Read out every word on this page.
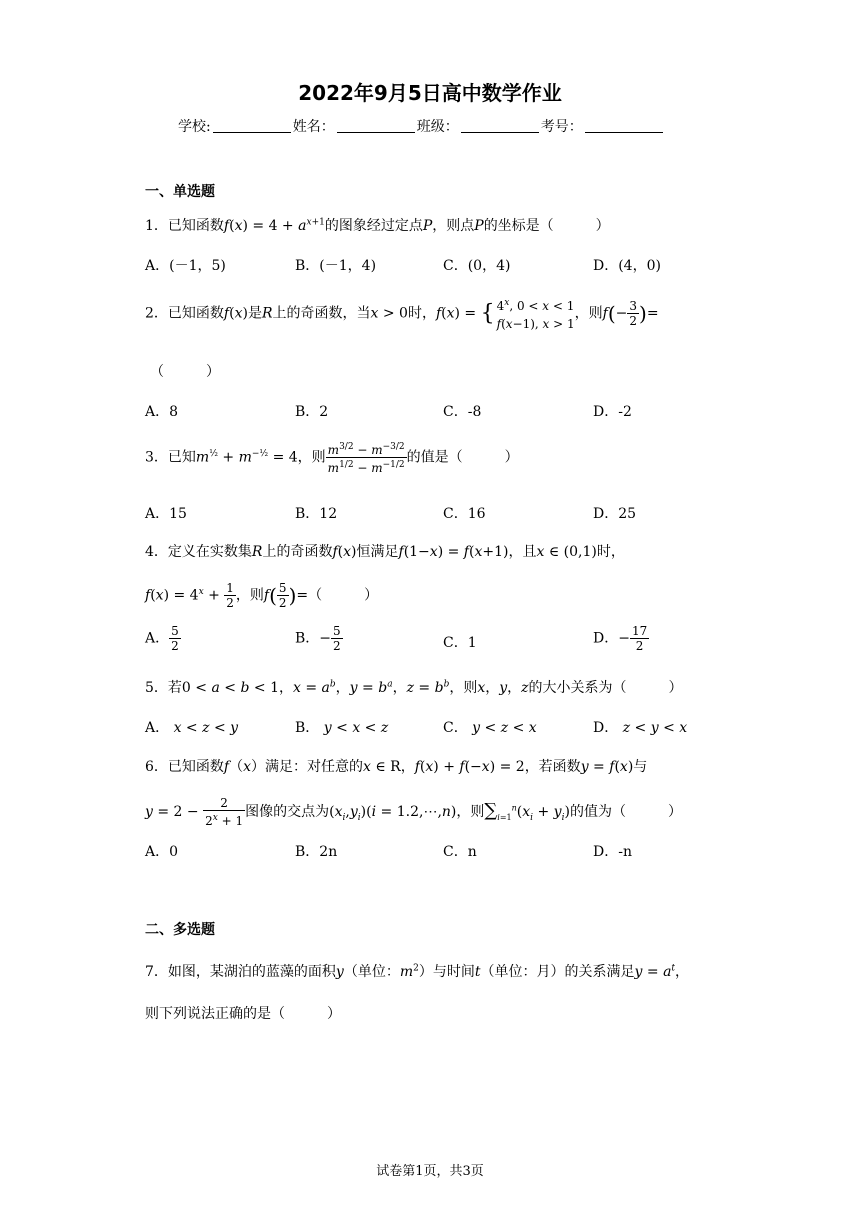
2022年9月5日高中数学作业
学校:	姓名：	班级：	考号：
一、单选题
1．已知函数$f(x) = 4 + a^{x+1}$的图象经过定点P，则点P的坐标是（　　　）
A．(－1，5)	B．(－1，4)	C．(0，4)	D．(4，0)
2．已知函数f(x)是R上的奇函数，当x > 0时，f(x) = { 4$^x$, 0 < x < 1
f(x−1), x > 1，则$f(- \frac{3}{2}$ )=
（　　　）
A．8	B．2	C．-8	D．-2
3．已知$m^{\frac{1}{2}} + m^{-\frac{1}{2}} = 4$，则 $\frac{m^{3/2} - m^{-3/2}}{m^{1/2} - m^{-1/2}}$ 的值是（　　　）
A．15	B．12	C．16	D．25
4．定义在实数集R上的奇函数f(x)恒满足f(1−x) = f(x+1)，且x ∈ (0,1)时，
$f(x) = 4^x + \frac{1}{2}$ ，则$f( \frac{5}{2}$ )=（　　　）
A． $\frac{5}{2}$	B．− $\frac{5}{2}$	C．1	D．− $\frac{17}{2}$
5．若0 < a < b < 1，$x = a^b$，$y = b^a$，$z = b^b$，则x，y，z的大小关系为（　　　）
A． x < z < y	B． y < x < z	C． y < z < x	D． z < y < x
6．已知函数f（x）满足：对任意的x ∈ R，f(x) + f(−x) = 2，若函数y = f(x)与
$y = 2 - \frac{2}{2^x + 1}$ 图像的交点为$(x_i,y_i)(i$ = 1.2,⋯,n)，则$\sum_{i=1}^n(x_i + y_i)$的值为（　　　）
A．0	B．2n	C．n	D．-n
二、多选题
7．如图，某湖泊的蓝藻的面积y（单位：$m^2$）与时间t（单位：月）的关系满足$y = a^t$，
则下列说法正确的是（　　　）
试卷第1页，共3页
